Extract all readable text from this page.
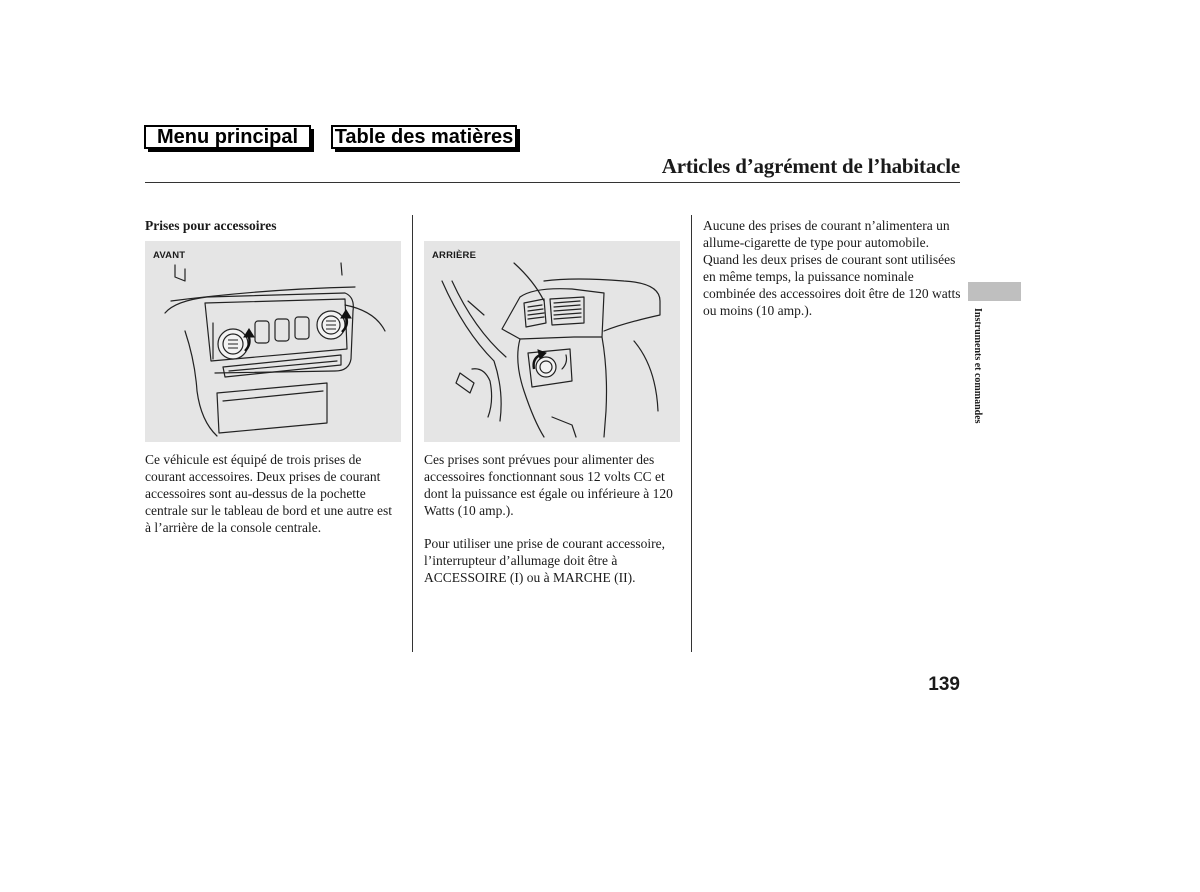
Menu principal Table des matières
Articles d’agrément de l’habitacle
Prises pour accessoires
AVANT	ARRIÈRE

Ce véhicule est équipé de trois prises de courant accessoires. Deux prises de courant accessoires sont au-dessus de la pochette centrale sur le tableau de bord et une autre est à l’arrière de la console centrale.

Ces prises sont prévues pour alimenter des accessoires fonctionnant sous 12 volts CC et dont la puissance est égale ou inférieure à 120 Watts (10 amp.).

Pour utiliser une prise de courant accessoire, l’interrupteur d’allumage doit être à ACCESSOIRE (I) ou à MARCHE (II).

Aucune des prises de courant n’alimentera un allume-cigarette de type pour automobile. Quand les deux prises de courant sont utilisées en même temps, la puissance nominale combinée des accessoires doit être de 120 watts ou moins (10 amp.).	Instruments et commandes
139
